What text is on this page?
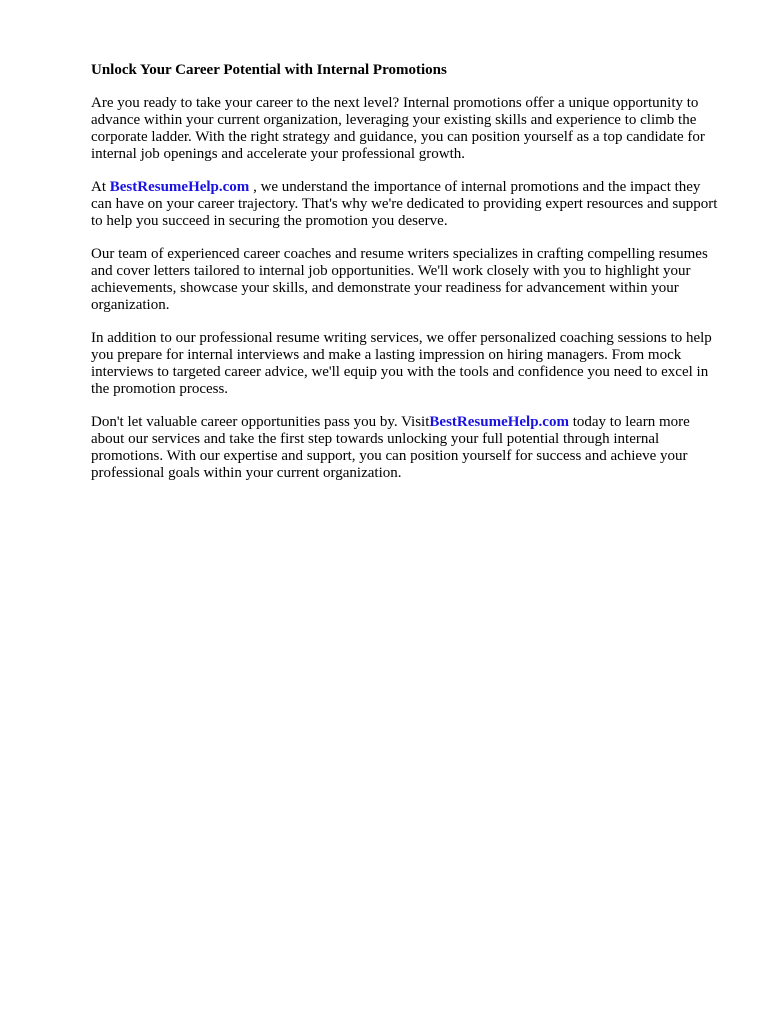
Unlock Your Career Potential with Internal Promotions

Are you ready to take your career to the next level? Internal promotions offer a unique opportunity to advance within your current organization, leveraging your existing skills and experience to climb the corporate ladder. With the right strategy and guidance, you can position yourself as a top candidate for internal job openings and accelerate your professional growth.

At BestResumeHelp.com , we understand the importance of internal promotions and the impact they can have on your career trajectory. That's why we're dedicated to providing expert resources and support to help you succeed in securing the promotion you deserve.

Our team of experienced career coaches and resume writers specializes in crafting compelling resumes and cover letters tailored to internal job opportunities. We'll work closely with you to highlight your achievements, showcase your skills, and demonstrate your readiness for advancement within your organization.

In addition to our professional resume writing services, we offer personalized coaching sessions to help you prepare for internal interviews and make a lasting impression on hiring managers. From mock interviews to targeted career advice, we'll equip you with the tools and confidence you need to excel in the promotion process.

Don't let valuable career opportunities pass you by. VisitBestResumeHelp.com today to learn more about our services and take the first step towards unlocking your full potential through internal promotions. With our expertise and support, you can position yourself for success and achieve your professional goals within your current organization.
